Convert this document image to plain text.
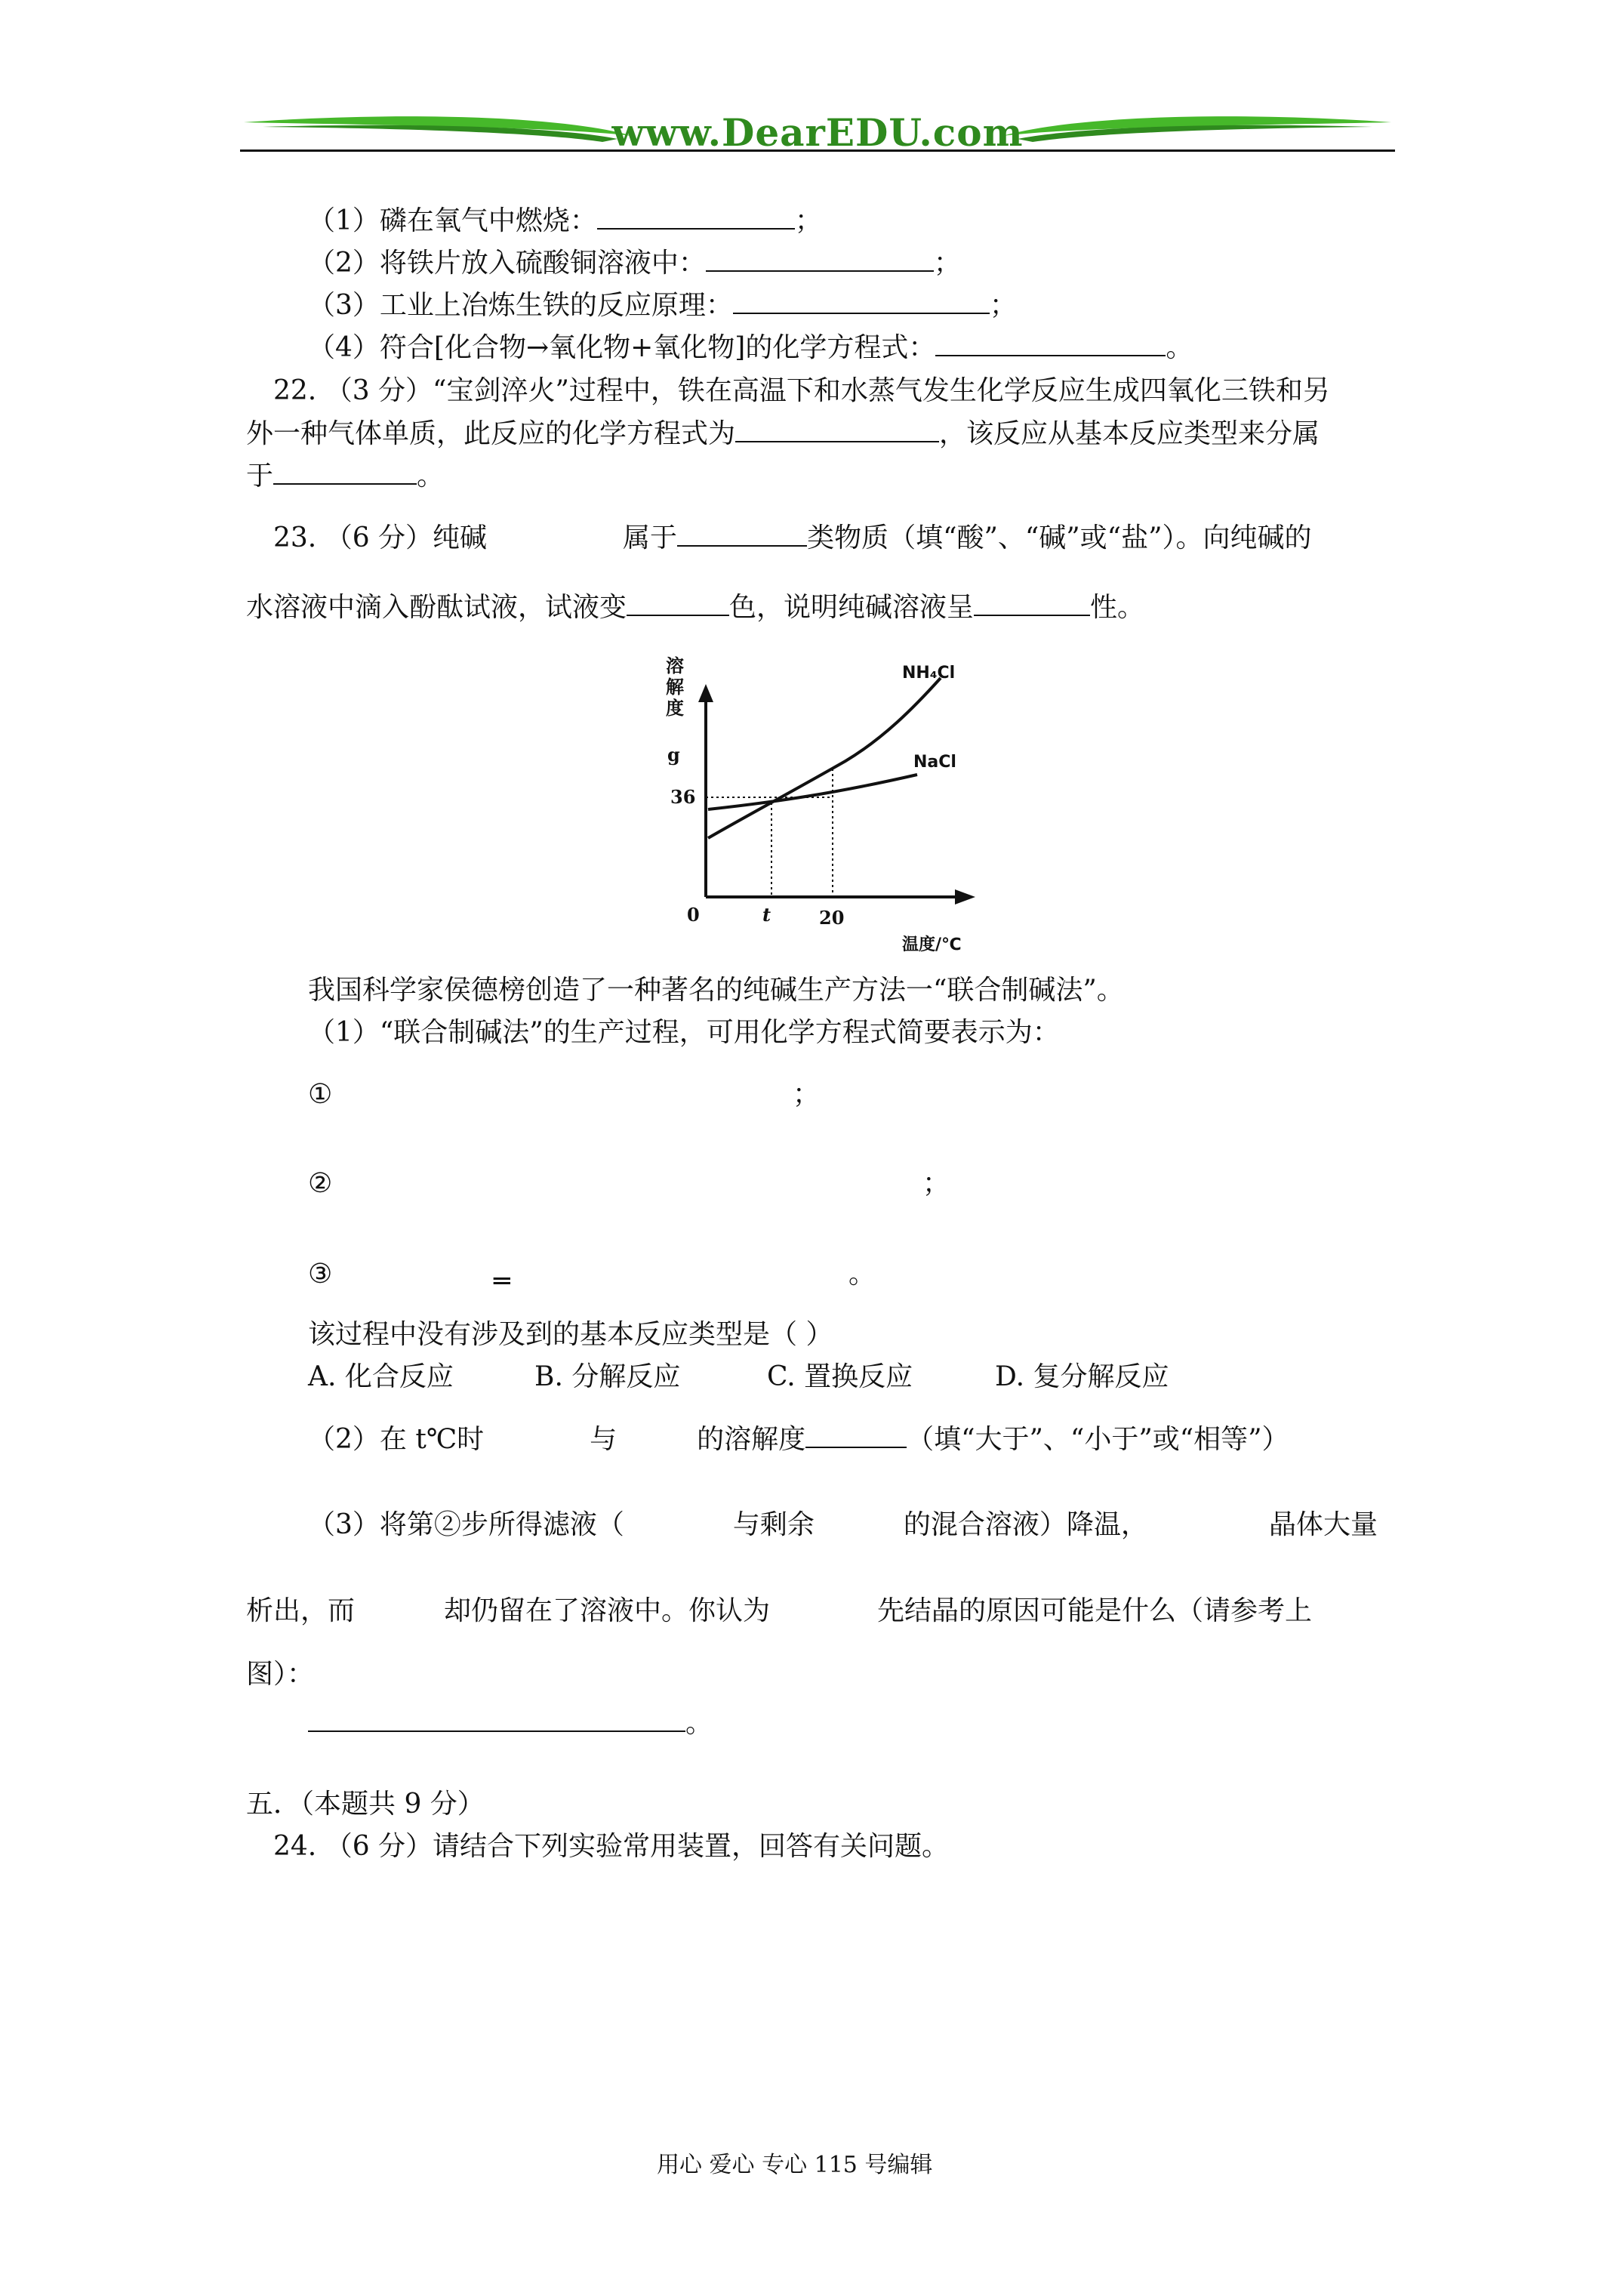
www.DearEDU.com
（1）磷在氧气中燃烧：	；
（2）将铁片放入硫酸铜溶液中：	；
（3）工业上冶炼生铁的反应原理：	；
（4）符合[化合物→氧化物+氧化物]的化学方程式：	。
22. （3 分）“宝剑淬火”过程中，铁在高温下和水蒸气发生化学反应生成四氧化三铁和另
外一种气体单质，此反应的化学方程式为	，该反应从基本反应类型来分属
于	。
23. （6 分）纯碱	属于	类物质（填“酸”、“碱”或“盐”）。向纯碱的
水溶液中滴入酚酞试液，试液变	色，说明纯碱溶液呈	性。
NH₄Cl
NaCl
溶
解
度
g
36
0	t	20
温度/℃
我国科学家侯德榜创造了一种著名的纯碱生产方法一“联合制碱法”。
（1）“联合制碱法”的生产过程，可用化学方程式简要表示为：
①	；
②	；
③	═	。
该过程中没有涉及到的基本反应类型是（ ）
A. 化合反应	B. 分解反应	C. 置换反应	D. 复分解反应
（2）在 t℃时	与	的溶解度	（填“大于”、“小于”或“相等”）
（3）将第②步所得滤液（	与剩余	的混合溶液）降温，	晶体大量
析出，而	却仍留在了溶液中。你认为	先结晶的原因可能是什么（请参考上
图）：
。
五．（本题共 9 分）
24. （6 分）请结合下列实验常用装置，回答有关问题。
用心 爱心 专心 115 号编辑
